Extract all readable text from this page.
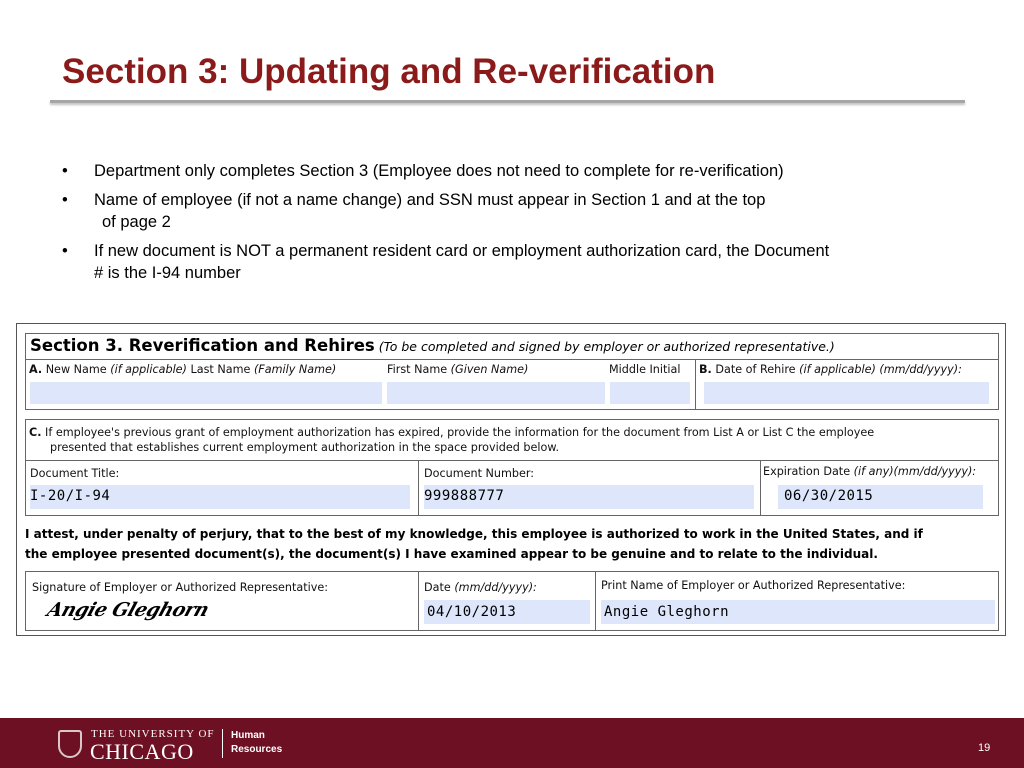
Section 3: Updating and Re-verification
• Department only completes Section 3 (Employee does not need to complete for re-verification)
• Name of employee (if not a name change) and SSN must appear in Section 1 and at the top
of page 2
• If new document is NOT a permanent resident card or employment authorization card, the Document
# is the I-94 number
Section 3. Reverification and Rehires (To be completed and signed by employer or authorized representative.)
A. New Name (if applicable) Last Name (Family Name)	First Name (Given Name)	Middle Initial B. Date of Rehire (if applicable) (mm/dd/yyyy):
C. If employee's previous grant of employment authorization has expired, provide the information for the document from List A or List C the employee
presented that establishes current employment authorization in the space provided below.
Document Title:	Document Number:	Expiration Date (if any)(mm/dd/yyyy):
I-20/I-94	999888777	06/30/2015
I attest, under penalty of perjury, that to the best of my knowledge, this employee is authorized to work in the United States, and if
the employee presented document(s), the document(s) I have examined appear to be genuine and to relate to the individual.
Signature of Employer or Authorized Representative:
Angie Gleghorn
Date (mm/dd/yyyy):
04/10/2013
Print Name of Employer or Authorized Representative:
Angie Gleghorn
THE UNIVERSITY OF
CHICAGO
Human
Resources	19
